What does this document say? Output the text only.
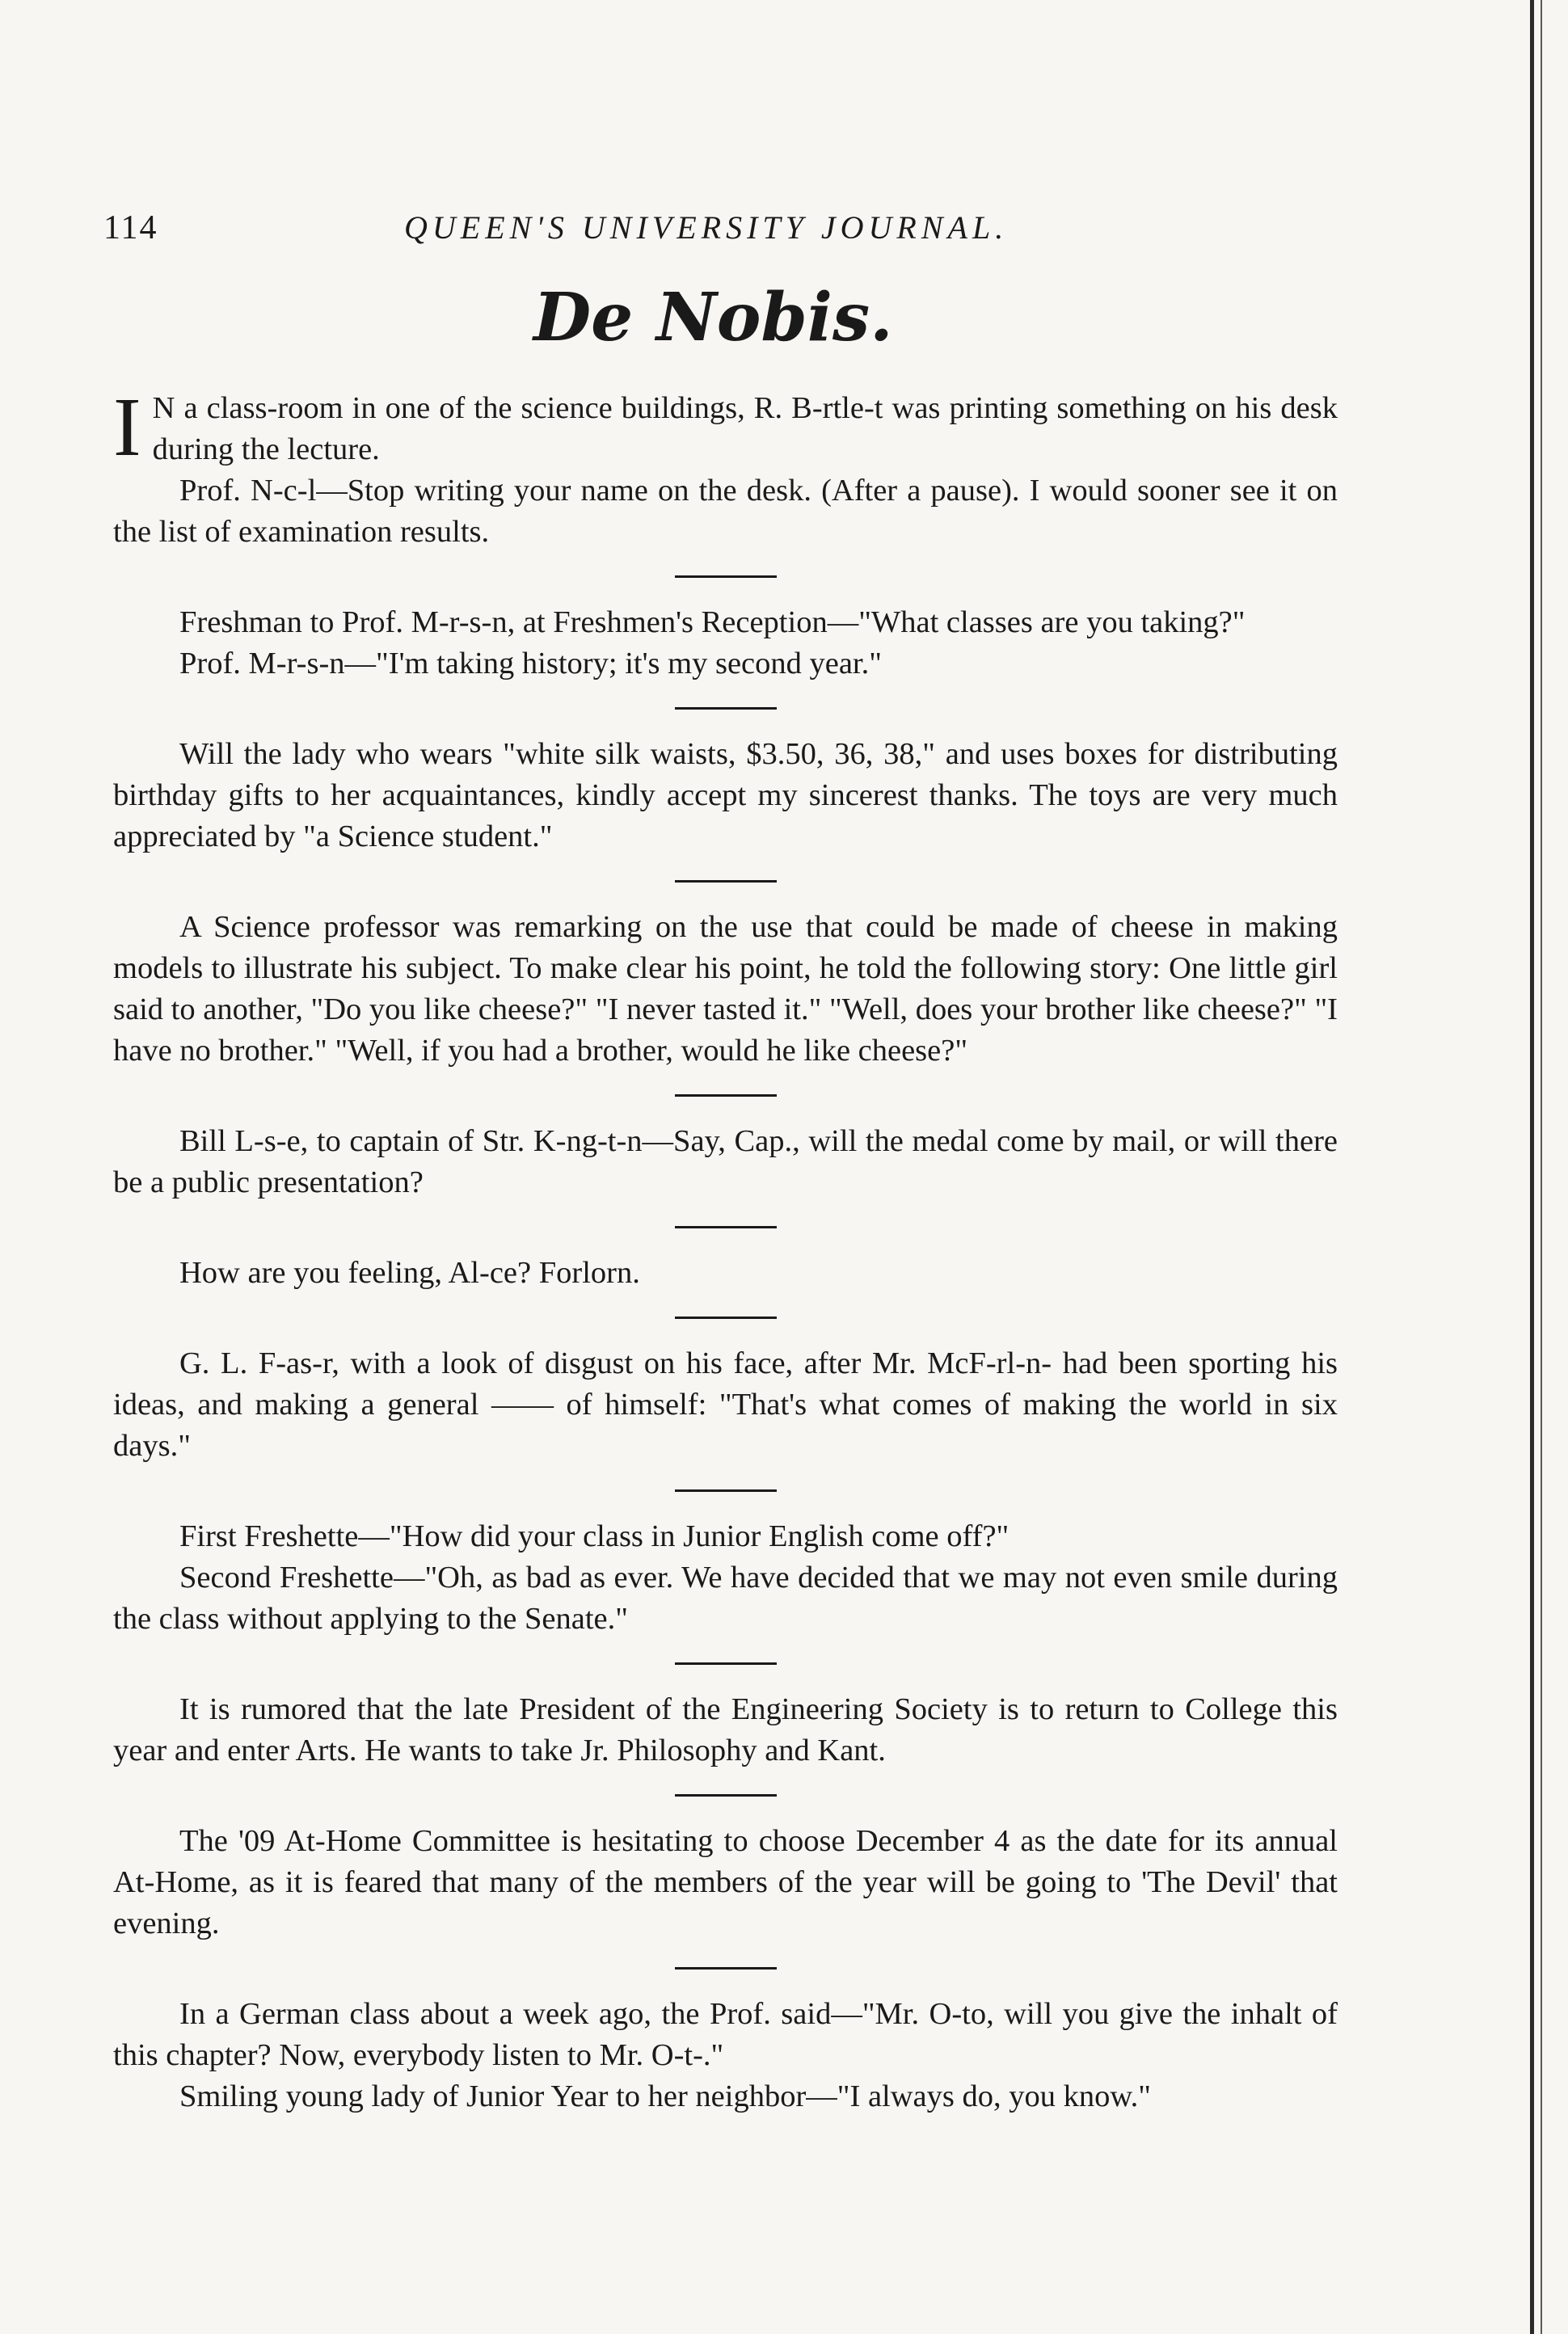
114	QUEEN'S UNIVERSITY JOURNAL.
De Nobis.

I N a class-room in one of the science buildings, R. B-rtle-t was printing something on his desk during the lecture.

Prof. N-c-l—Stop writing your name on the desk. (After a pause). I would sooner see it on the list of examination results.

Freshman to Prof. M-r-s-n, at Freshmen's Reception—"What classes are you taking?"

Prof. M-r-s-n—"I'm taking history; it's my second year."

Will the lady who wears "white silk waists, $3.50, 36, 38," and uses boxes for distributing birthday gifts to her acquaintances, kindly accept my sincerest thanks. The toys are very much appreciated by "a Science student."

A Science professor was remarking on the use that could be made of cheese in making models to illustrate his subject. To make clear his point, he told the following story: One little girl said to another, "Do you like cheese?" "I never tasted it." "Well, does your brother like cheese?" "I have no brother." "Well, if you had a brother, would he like cheese?"

Bill L-s-e, to captain of Str. K-ng-t-n—Say, Cap., will the medal come by mail, or will there be a public presentation?

How are you feeling, Al-ce? Forlorn.

G. L. F-as-r, with a look of disgust on his face, after Mr. McF-rl-n- had been sporting his ideas, and making a general —— of himself: "That's what comes of making the world in six days."

First Freshette—"How did your class in Junior English come off?"

Second Freshette—"Oh, as bad as ever. We have decided that we may not even smile during the class without applying to the Senate."

It is rumored that the late President of the Engineering Society is to return to College this year and enter Arts. He wants to take Jr. Philosophy and Kant.

The '09 At-Home Committee is hesitating to choose December 4 as the date for its annual At-Home, as it is feared that many of the members of the year will be going to 'The Devil' that evening.

In a German class about a week ago, the Prof. said—"Mr. O-to, will you give the inhalt of this chapter? Now, everybody listen to Mr. O-t-."

Smiling young lady of Junior Year to her neighbor—"I always do, you know."
